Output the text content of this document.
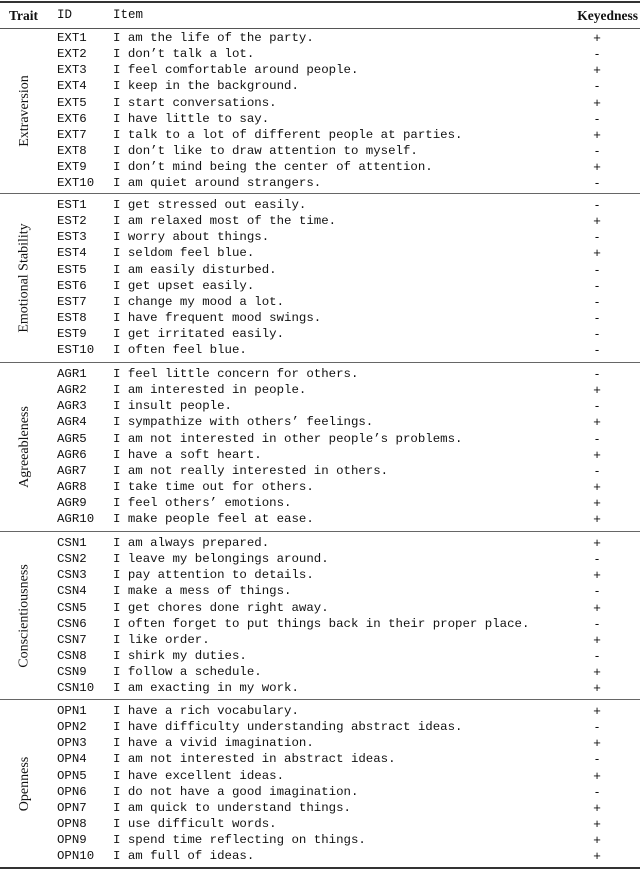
Trait ID	Item	Keyedness
Extraversion
EXT1 I am the life of the party.	+
EXT2 I don’t talk a lot.	-
EXT3 I feel comfortable around people.	+
EXT4 I keep in the background.	-
EXT5 I start conversations.	+
EXT6 I have little to say.	-
EXT7 I talk to a lot of different people at parties.	+
EXT8 I don’t like to draw attention to myself.	-
EXT9 I don’t mind being the center of attention.	+
EXT10 I am quiet around strangers.	-
Emotional Stability
EST1 I get stressed out easily.	-
EST2 I am relaxed most of the time.	+
EST3 I worry about things.	-
EST4 I seldom feel blue.	+
EST5 I am easily disturbed.	-
EST6 I get upset easily.	-
EST7 I change my mood a lot.	-
EST8 I have frequent mood swings.	-
EST9 I get irritated easily.	-
EST10 I often feel blue.	-
Agreeableness
AGR1 I feel little concern for others.	-
AGR2 I am interested in people.	+
AGR3 I insult people.	-
AGR4 I sympathize with others’ feelings.	+
AGR5 I am not interested in other people’s problems.	-
AGR6 I have a soft heart.	+
AGR7 I am not really interested in others.	-
AGR8 I take time out for others.	+
AGR9 I feel others’ emotions.	+
AGR10 I make people feel at ease.	+
Conscientiousness
CSN1 I am always prepared.	+
CSN2 I leave my belongings around.	-
CSN3 I pay attention to details.	+
CSN4 I make a mess of things.	-
CSN5 I get chores done right away.	+
CSN6 I often forget to put things back in their proper place.	-
CSN7 I like order.	+
CSN8 I shirk my duties.	-
CSN9 I follow a schedule.	+
CSN10 I am exacting in my work.	+
Openness
OPN1 I have a rich vocabulary.	+
OPN2 I have difficulty understanding abstract ideas.	-
OPN3 I have a vivid imagination.	+
OPN4 I am not interested in abstract ideas.	-
OPN5 I have excellent ideas.	+
OPN6 I do not have a good imagination.	-
OPN7 I am quick to understand things.	+
OPN8 I use difficult words.	+
OPN9 I spend time reflecting on things.	+
OPN10 I am full of ideas.	+
